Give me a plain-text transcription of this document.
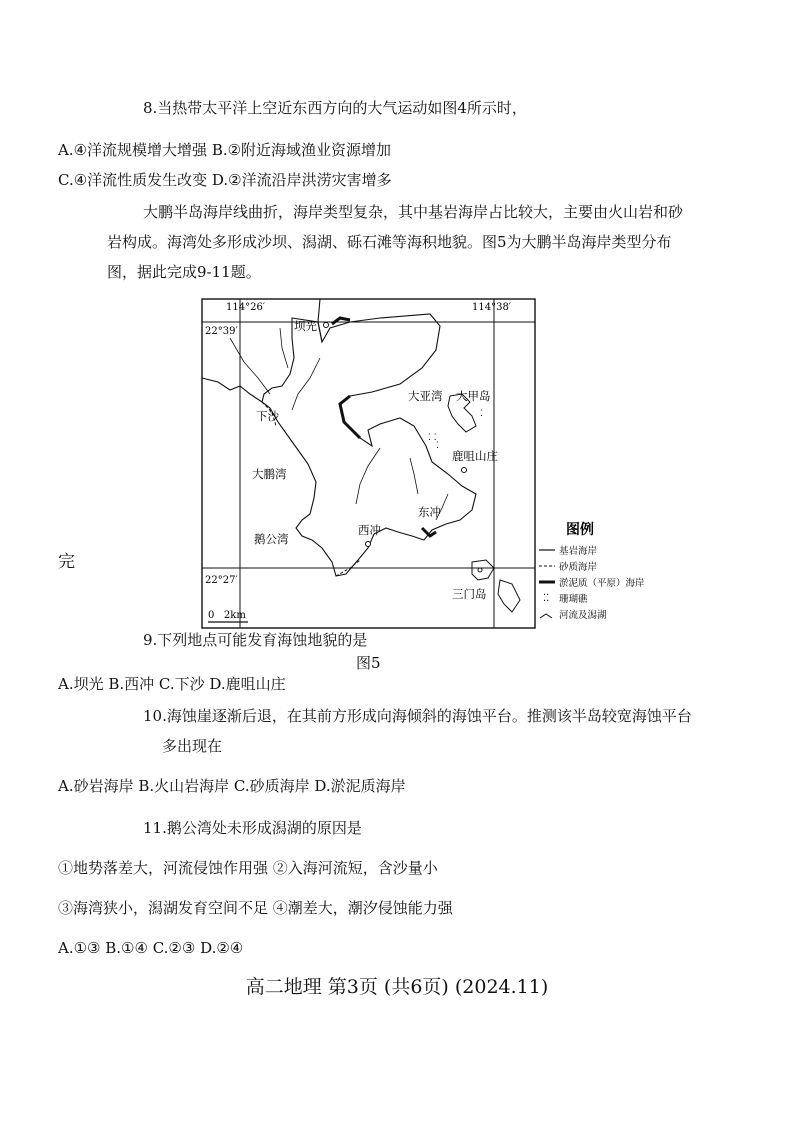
8.当热带太平洋上空近东西方向的大气运动如图4所示时，
A.④洋流规模增大增强 B.②附近海域渔业资源增加
C.④洋流性质发生改变 D.②洋流沿岸洪涝灾害增多
大鹏半岛海岸线曲折，海岸类型复杂，其中基岩海岸占比较大，主要由火山岩和砂
岩构成。海湾处多形成沙坝、潟湖、砾石滩等海积地貌。图5为大鹏半岛海岸类型分布
图，据此完成9-11题。
完
114°26′	114°38′
22°39′
22°27′
⁚ ⁚
⁚
⁚
坝光
下沙
大鹏湾
鹅公湾
西冲
东冲
鹿咀山庄
大亚湾 大甲岛
三门岛
0   2km
图例
基岩海岸
砂质海岸
淤泥质（平原）海岸
⁚⁚ 珊瑚礁
河流及潟湖
9.下列地点可能发育海蚀地貌的是
图5
A.坝光 B.西冲 C.下沙 D.鹿咀山庄
10.海蚀崖逐渐后退，在其前方形成向海倾斜的海蚀平台。推测该半岛较宽海蚀平台
多出现在
A.砂岩海岸 B.火山岩海岸 C.砂质海岸 D.淤泥质海岸
11.鹅公湾处未形成潟湖的原因是
①地势落差大，河流侵蚀作用强 ②入海河流短，含沙量小
③海湾狭小，潟湖发育空间不足 ④潮差大，潮汐侵蚀能力强
A.①③ B.①④ C.②③ D.②④
高二地理 第3页 (共6页) (2024.11)
